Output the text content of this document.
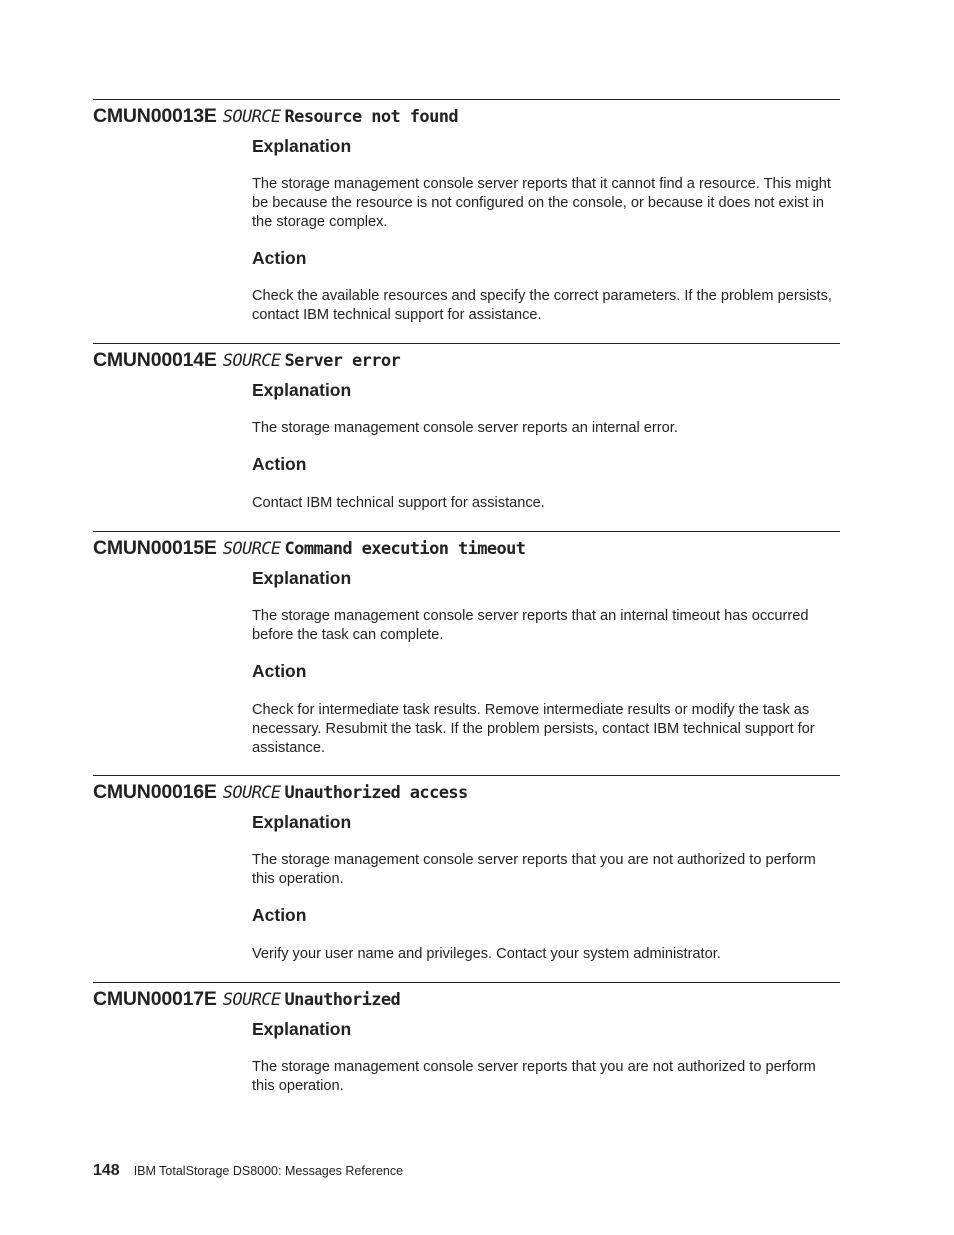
CMUN00013E SOURCE Resource not found
Explanation
The storage management console server reports that it cannot find a resource. This might be because the resource is not configured on the console, or because it does not exist in the storage complex.
Action
Check the available resources and specify the correct parameters. If the problem persists, contact IBM technical support for assistance.
CMUN00014E SOURCE Server error
Explanation
The storage management console server reports an internal error.
Action
Contact IBM technical support for assistance.
CMUN00015E SOURCE Command execution timeout
Explanation
The storage management console server reports that an internal timeout has occurred before the task can complete.
Action
Check for intermediate task results. Remove intermediate results or modify the task as necessary. Resubmit the task. If the problem persists, contact IBM technical support for assistance.
CMUN00016E SOURCE Unauthorized access
Explanation
The storage management console server reports that you are not authorized to perform this operation.
Action
Verify your user name and privileges. Contact your system administrator.
CMUN00017E SOURCE Unauthorized
Explanation
The storage management console server reports that you are not authorized to perform this operation.
148 IBM TotalStorage DS8000: Messages Reference
